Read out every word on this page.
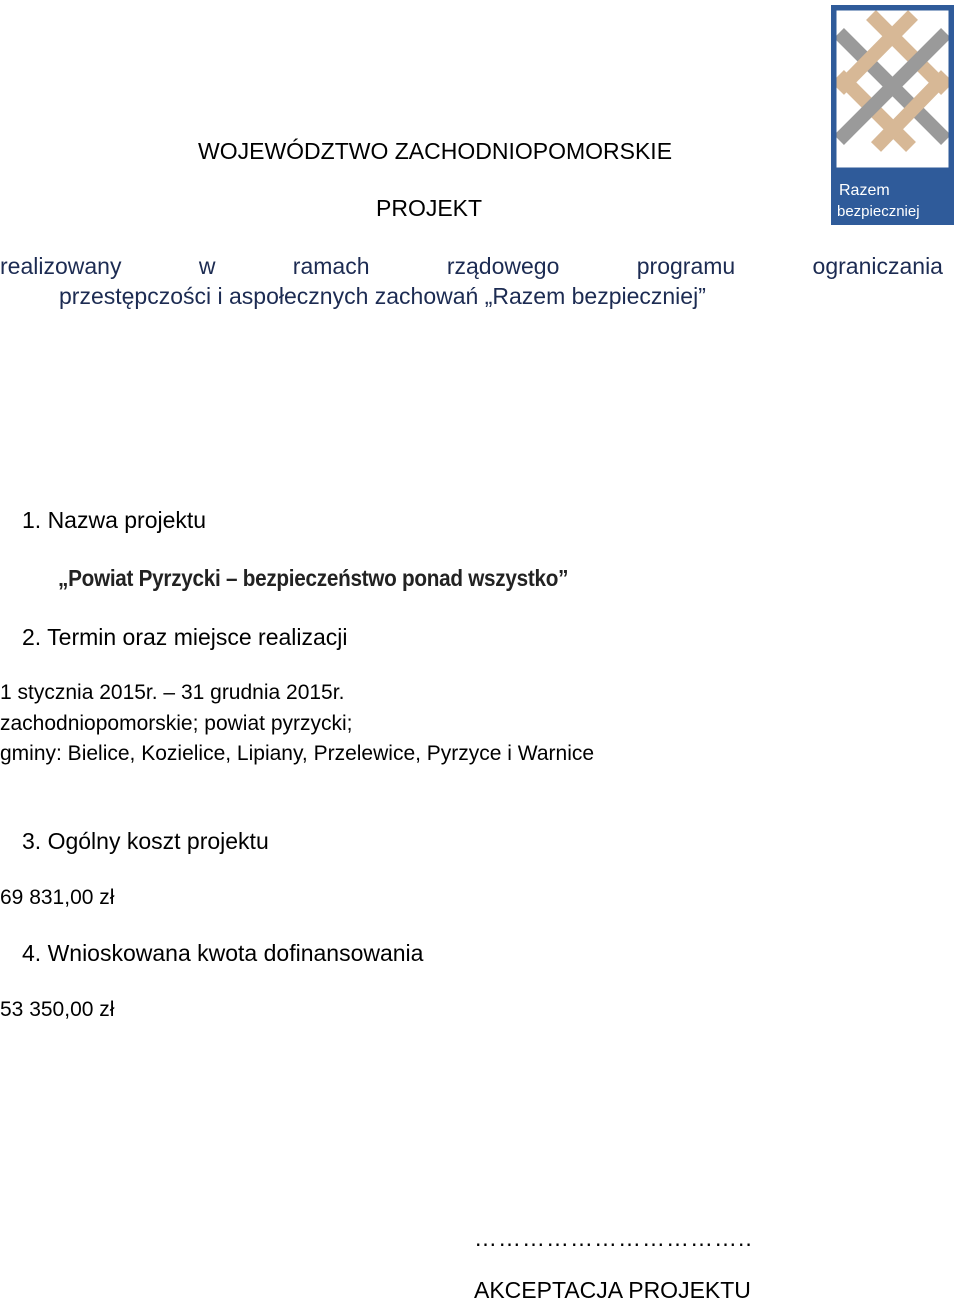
Razem
bezpieczniej
WOJEWÓDZTWO ZACHODNIOPOMORSKIE
PROJEKT
realizowany	w	ramach	rządowego	programu	ograniczania
przestępczości i aspołecznych zachowań „Razem bezpieczniej”
1. Nazwa projektu
„Powiat Pyrzycki – bezpieczeństwo ponad wszystko”
2. Termin oraz miejsce realizacji
1 stycznia 2015r. – 31 grudnia 2015r.
zachodniopomorskie; powiat pyrzycki;
gminy: Bielice, Kozielice, Lipiany, Przelewice, Pyrzyce i Warnice
3. Ogólny koszt projektu
69 831,00 zł
4. Wnioskowana kwota dofinansowania
53 350,00 zł
……………………………..
AKCEPTACJA PROJEKTU
